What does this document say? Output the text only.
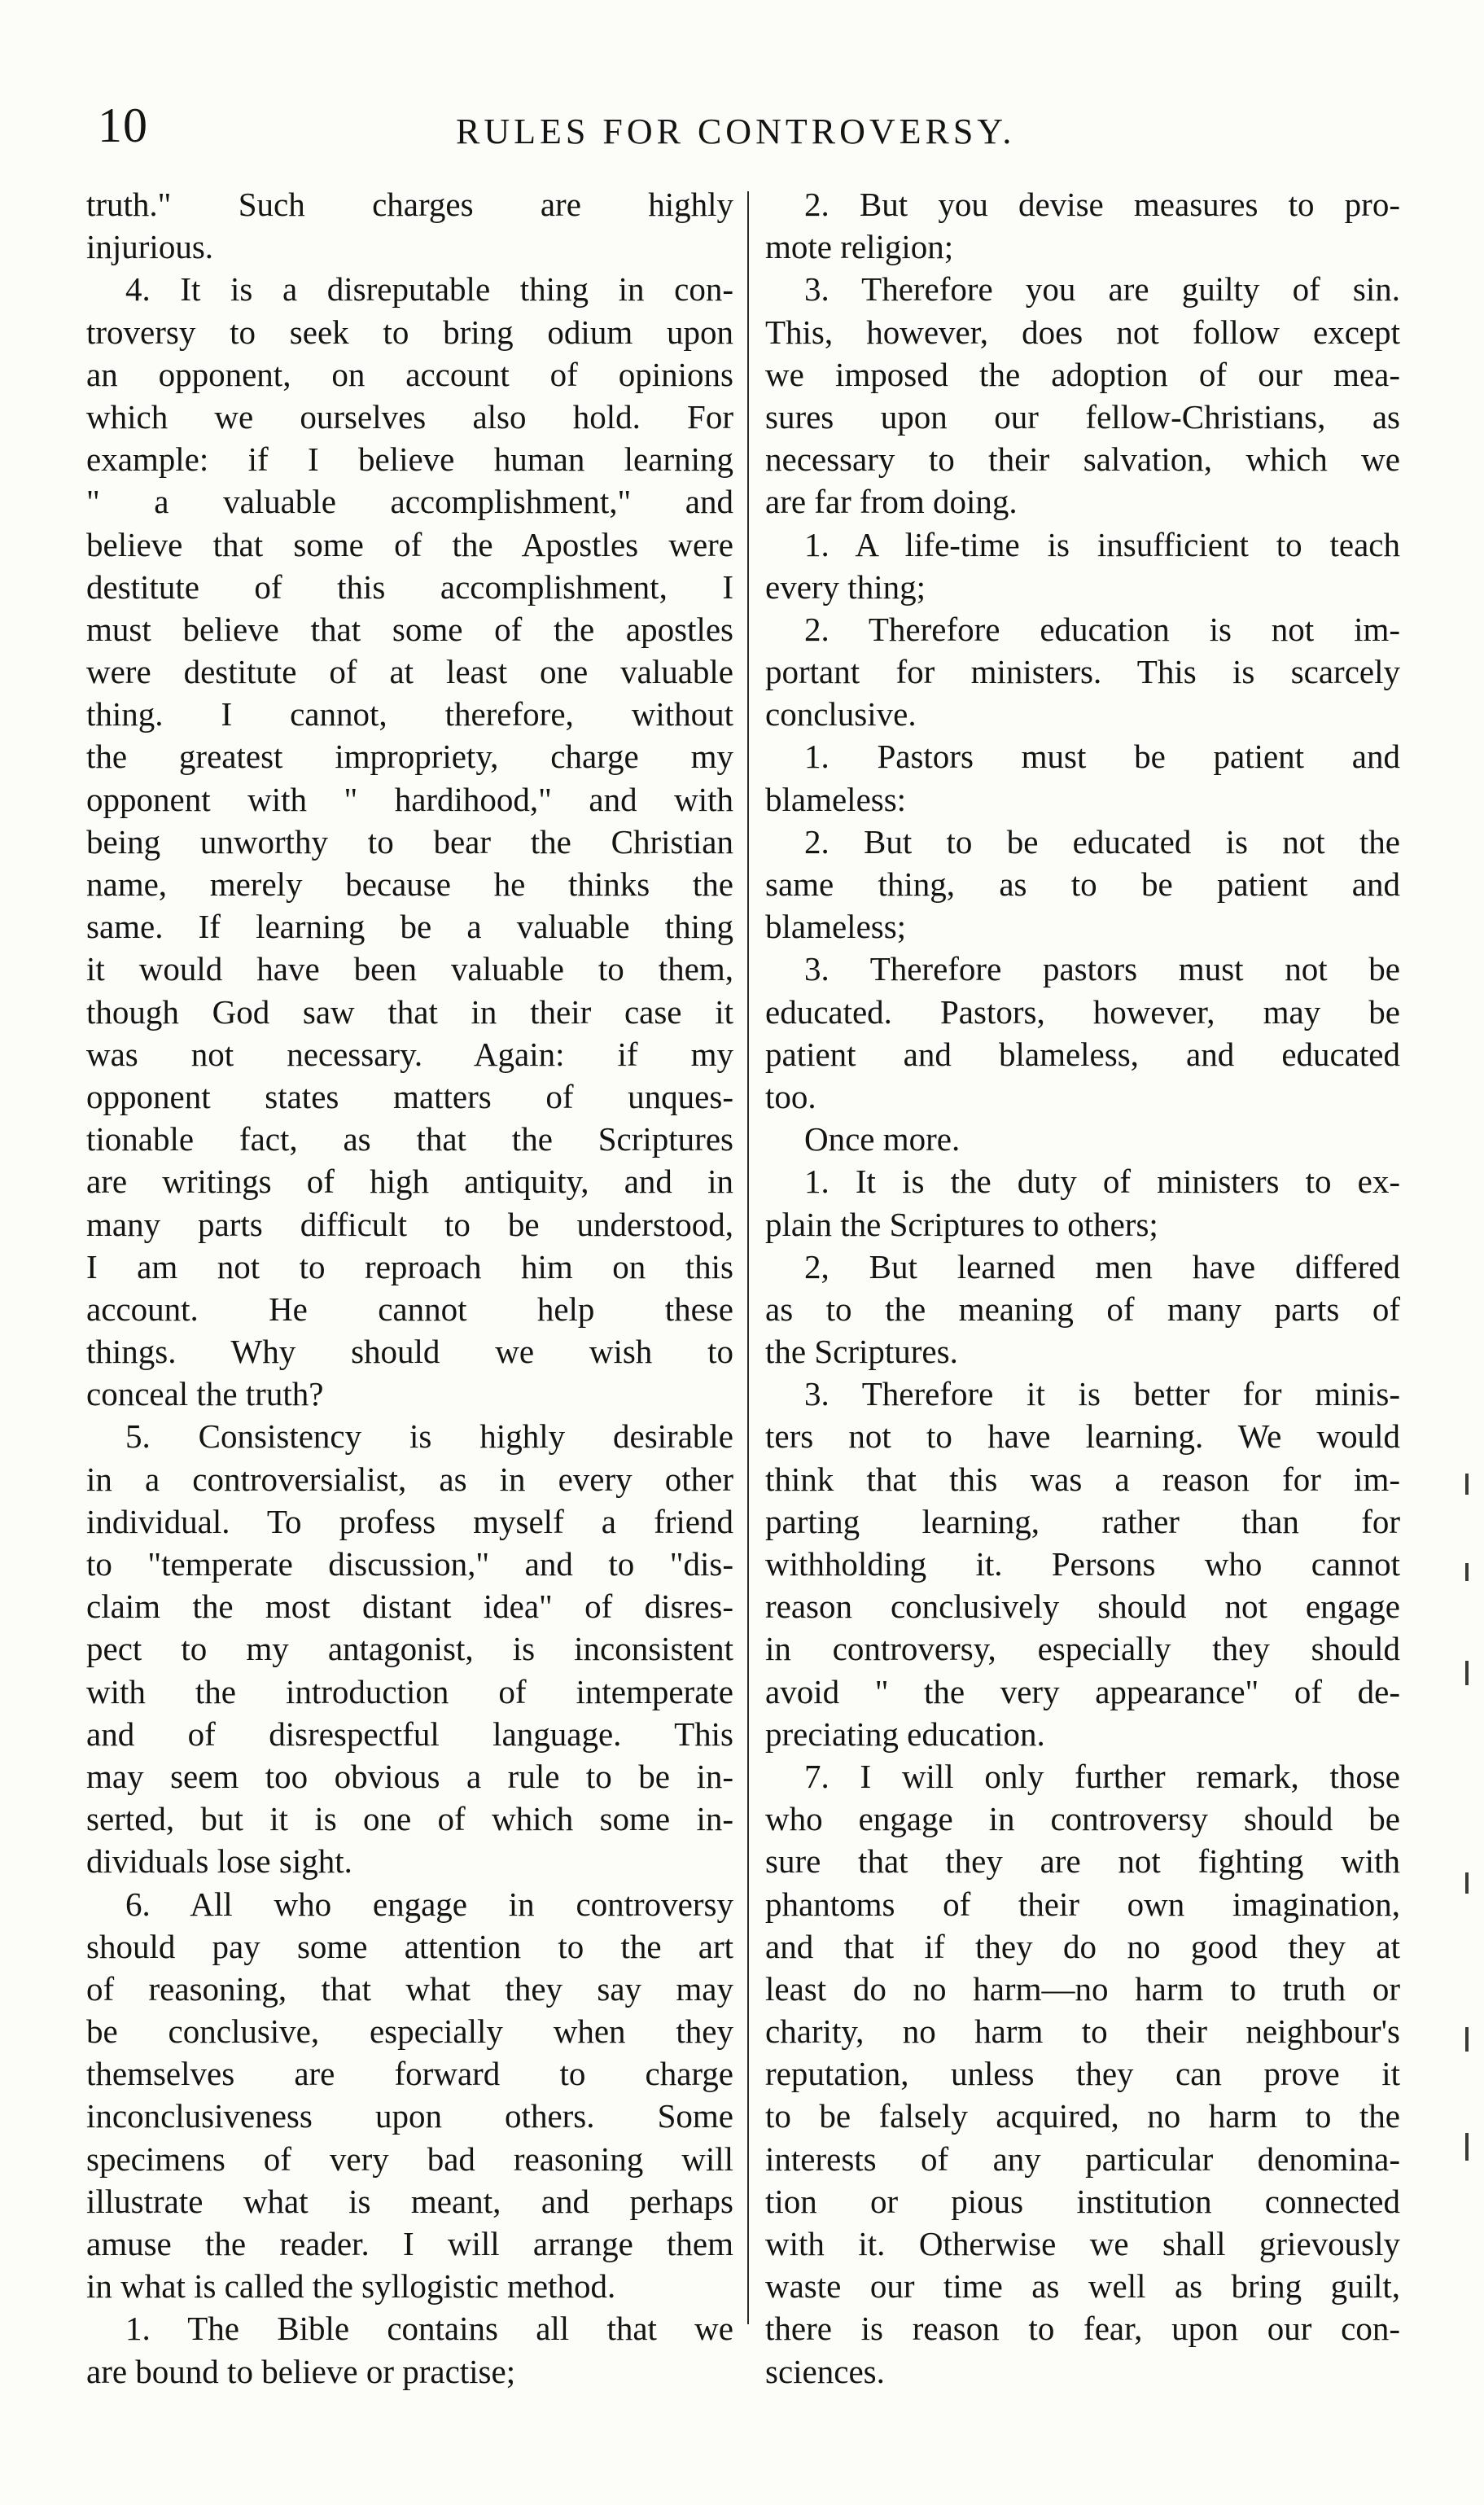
10	RULES FOR CONTROVERSY.
truth." Such charges are highly
injurious.
4. It is a disreputable thing in con-
troversy to seek to bring odium upon
an opponent, on account of opinions
which we ourselves also hold. For
example: if I believe human learning
" a valuable accomplishment," and
believe that some of the Apostles were
destitute of this accomplishment, I
must believe that some of the apostles
were destitute of at least one valuable
thing. I cannot, therefore, without
the greatest impropriety, charge my
opponent with " hardihood," and with
being unworthy to bear the Christian
name, merely because he thinks the
same. If learning be a valuable thing
it would have been valuable to them,
though God saw that in their case it
was not necessary. Again: if my
opponent states matters of unques-
tionable fact, as that the Scriptures
are writings of high antiquity, and in
many parts difficult to be understood,
I am not to reproach him on this
account. He cannot help these
things. Why should we wish to
conceal the truth?
5. Consistency is highly desirable
in a controversialist, as in every other
individual. To profess myself a friend
to "temperate discussion," and to "dis-
claim the most distant idea" of disres-
pect to my antagonist, is inconsistent
with the introduction of intemperate
and of disrespectful language. This
may seem too obvious a rule to be in-
serted, but it is one of which some in-
dividuals lose sight.
6. All who engage in controversy
should pay some attention to the art
of reasoning, that what they say may
be conclusive, especially when they
themselves are forward to charge
inconclusiveness upon others. Some
specimens of very bad reasoning will
illustrate what is meant, and perhaps
amuse the reader. I will arrange them
in what is called the syllogistic method.
1. The Bible contains all that we
are bound to believe or practise;
2. But you devise measures to pro-
mote religion;
3. Therefore you are guilty of sin.
This, however, does not follow except
we imposed the adoption of our mea-
sures upon our fellow-Christians, as
necessary to their salvation, which we
are far from doing.
1. A life-time is insufficient to teach
every thing;
2. Therefore education is not im-
portant for ministers. This is scarcely
conclusive.
1. Pastors must be patient and
blameless:
2. But to be educated is not the
same thing, as to be patient and
blameless;
3. Therefore pastors must not be
educated. Pastors, however, may be
patient and blameless, and educated
too.
Once more.
1. It is the duty of ministers to ex-
plain the Scriptures to others;
2, But learned men have differed
as to the meaning of many parts of
the Scriptures.
3. Therefore it is better for minis-
ters not to have learning. We would
think that this was a reason for im-
parting learning, rather than for
withholding it. Persons who cannot
reason conclusively should not engage
in controversy, especially they should
avoid " the very appearance" of de-
preciating education.
7. I will only further remark, those
who engage in controversy should be
sure that they are not fighting with
phantoms of their own imagination,
and that if they do no good they at
least do no harm—no harm to truth or
charity, no harm to their neighbour's
reputation, unless they can prove it
to be falsely acquired, no harm to the
interests of any particular denomina-
tion or pious institution connected
with it. Otherwise we shall grievously
waste our time as well as bring guilt,
there is reason to fear, upon our con-
sciences.
